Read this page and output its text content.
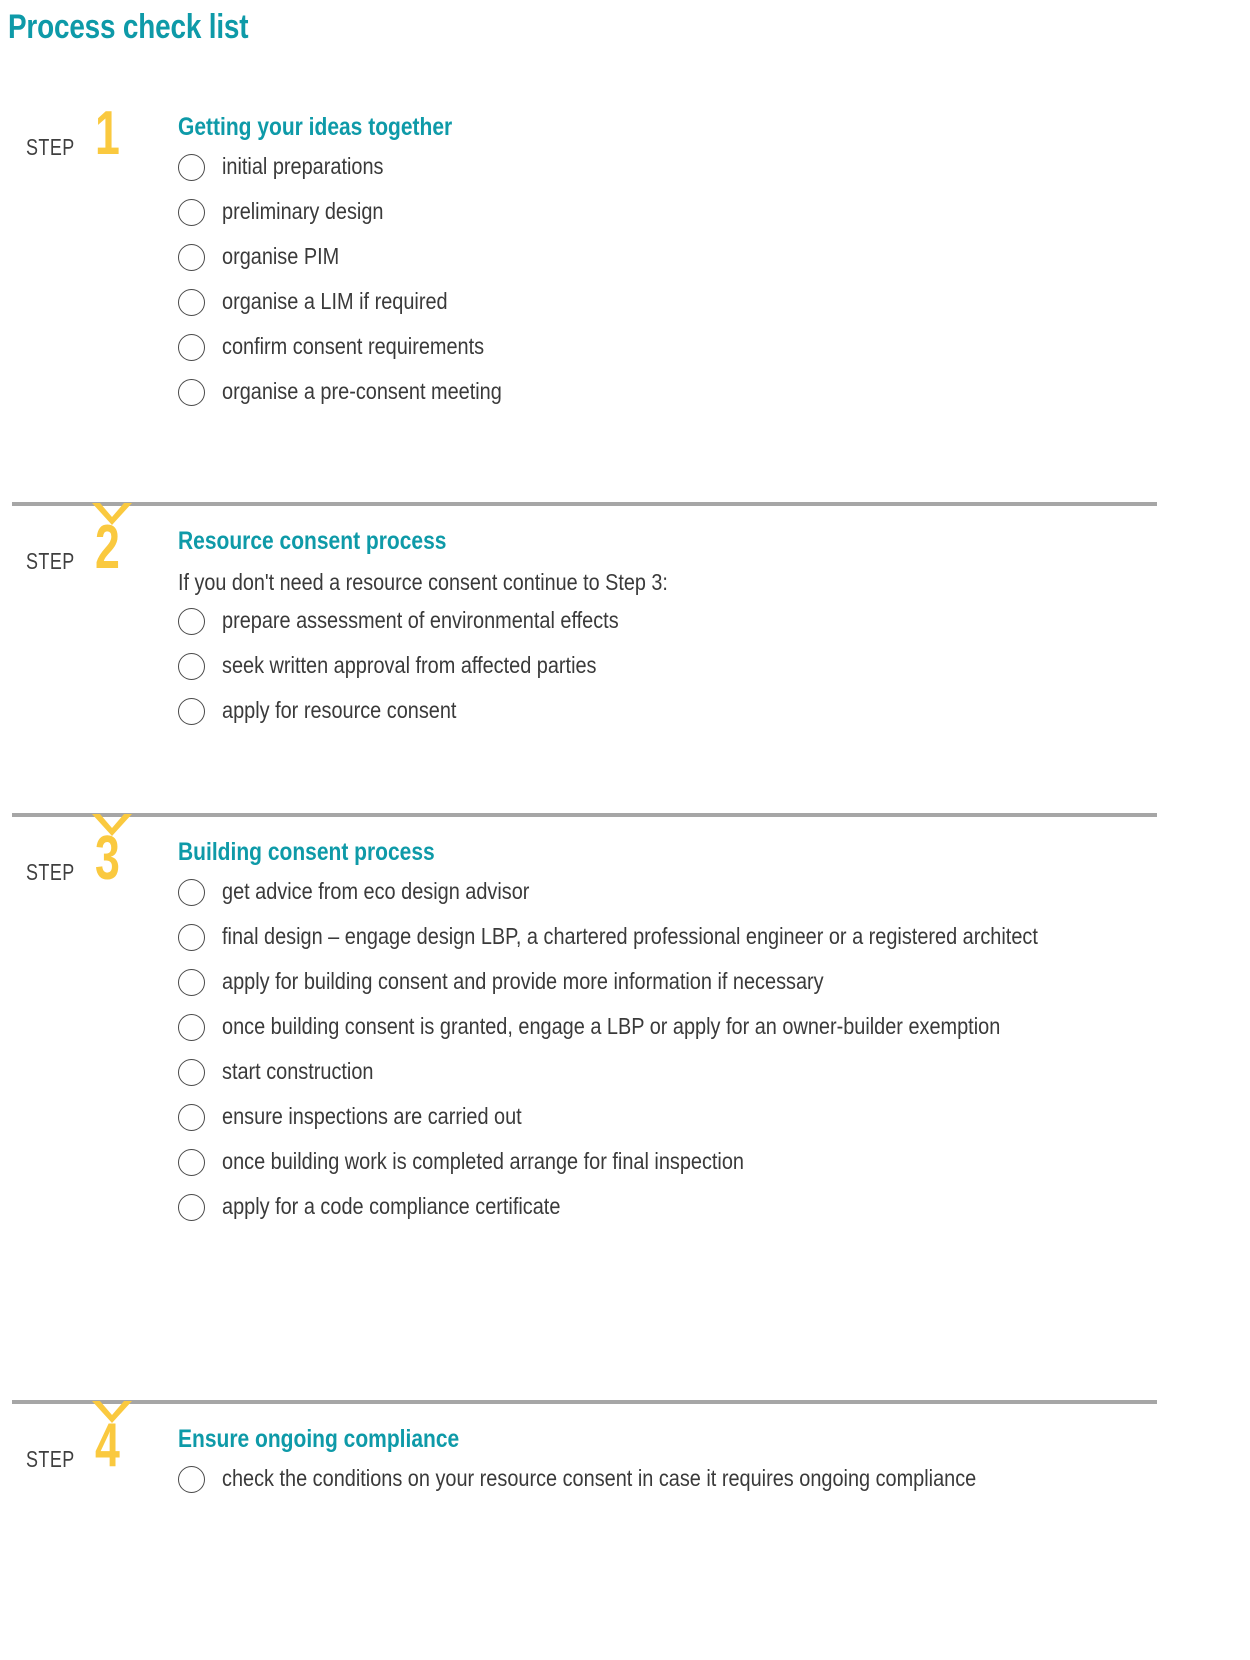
Process check list
STEP 1 Getting your ideas together
initial preparations
preliminary design
organise PIM
organise a LIM if required
confirm consent requirements
organise a pre-consent meeting
STEP 2 Resource consent process

If you don't need a resource consent continue to Step 3:

prepare assessment of environmental effects
seek written approval from affected parties
apply for resource consent
STEP 3 Building consent process
get advice from eco design advisor
final design – engage design LBP, a chartered professional engineer or a registered architect
apply for building consent and provide more information if necessary
once building consent is granted, engage a LBP or apply for an owner-builder exemption
start construction
ensure inspections are carried out
once building work is completed arrange for final inspection
apply for a code compliance certificate
STEP 4 Ensure ongoing compliance
check the conditions on your resource consent in case it requires ongoing compliance
